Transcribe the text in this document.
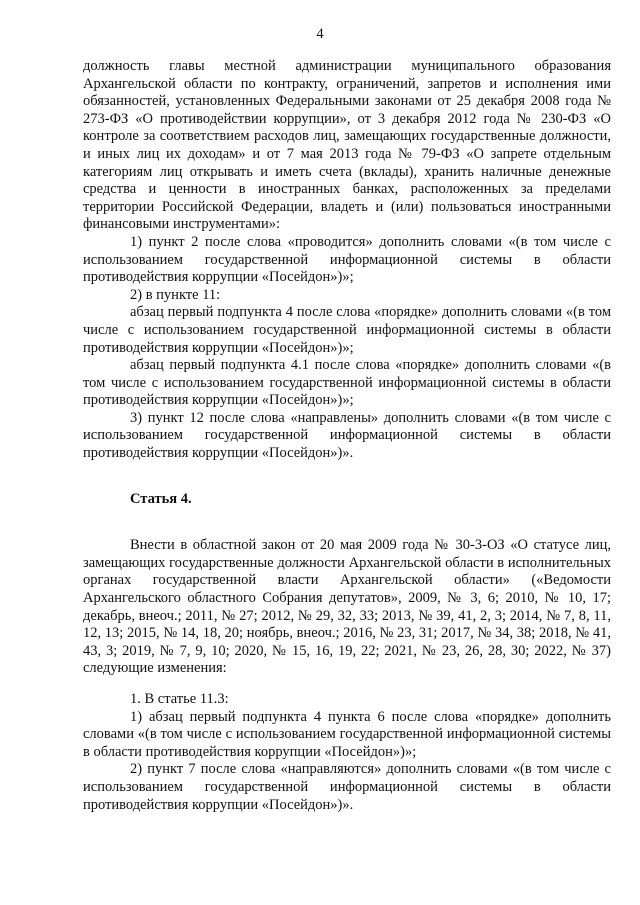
4

должность главы местной администрации муниципального образования Архангельской области по контракту, ограничений, запретов и исполнения ими обязанностей, установленных Федеральными законами от 25 декабря 2008 года № 273-ФЗ «О противодействии коррупции», от 3 декабря 2012 года № 230-ФЗ «О контроле за соответствием расходов лиц, замещающих государственные должности, и иных лиц их доходам» и от 7 мая 2013 года № 79-ФЗ «О запрете отдельным категориям лиц открывать и иметь счета (вклады), хранить наличные денежные средства и ценности в иностранных банках, расположенных за пределами территории Российской Федерации, владеть и (или) пользоваться иностранными финансовыми инструментами»:

1) пункт 2 после слова «проводится» дополнить словами «(в том числе с использованием государственной информационной системы в области противодействия коррупции «Посейдон»)»;

2) в пункте 11:

абзац первый подпункта 4 после слова «порядке» дополнить словами «(в том числе с использованием государственной информационной системы в области противодействия коррупции «Посейдон»)»;

абзац первый подпункта 4.1 после слова «порядке» дополнить словами «(в том числе с использованием государственной информационной системы в области противодействия коррупции «Посейдон»)»;

3) пункт 12 после слова «направлены» дополнить словами «(в том числе с использованием государственной информационной системы в области противодействия коррупции «Посейдон»)».

Статья 4.

Внести в областной закон от 20 мая 2009 года № 30-3-ОЗ «О статусе лиц, замещающих государственные должности Архангельской области в исполнительных органах государственной власти Архангельской области» («Ведомости Архангельского областного Собрания депутатов», 2009, № 3, 6; 2010, № 10, 17; декабрь, внеоч.; 2011, № 27; 2012, № 29, 32, 33; 2013, № 39, 41, 2, 3; 2014, № 7, 8, 11, 12, 13; 2015, № 14, 18, 20; ноябрь, внеоч.; 2016, № 23, 31; 2017, № 34, 38; 2018, № 41, 43, 3; 2019, № 7, 9, 10; 2020, № 15, 16, 19, 22; 2021, № 23, 26, 28, 30; 2022, № 37) следующие изменения:

1. В статье 11.3:

1) абзац первый подпункта 4 пункта 6 после слова «порядке» дополнить словами «(в том числе с использованием государственной информационной системы в области противодействия коррупции «Посейдон»)»;

2) пункт 7 после слова «направляются» дополнить словами «(в том числе с использованием государственной информационной системы в области противодействия коррупции «Посейдон»)».
